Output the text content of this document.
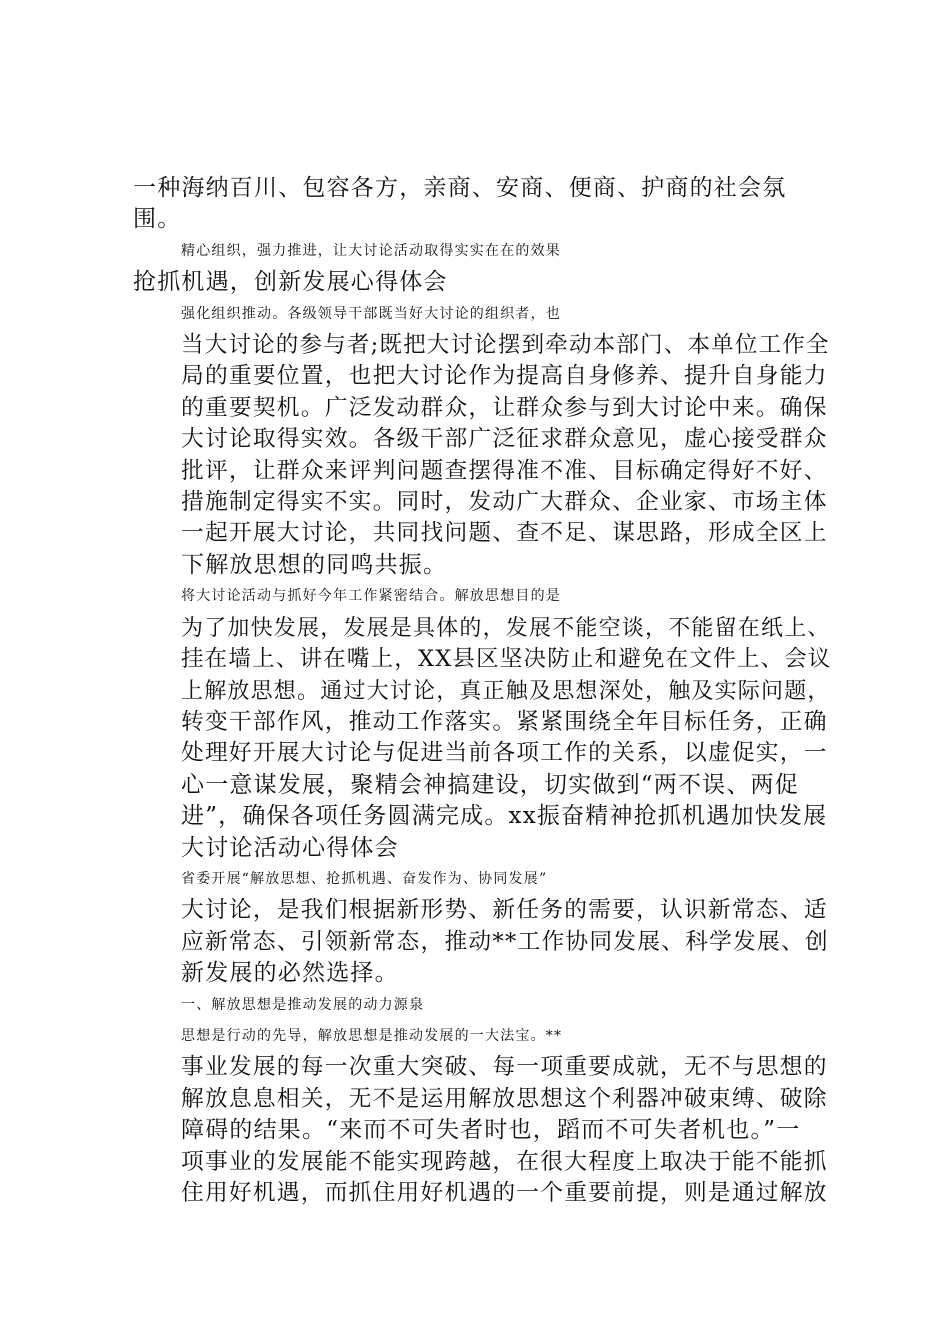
一种海纳百川、包容各方，亲商、安商、便商、护商的社会氛
围。

精心组织，强力推进，让大讨论活动取得实实在在的效果

抢抓机遇，创新发展心得体会

强化组织推动。各级领导干部既当好大讨论的组织者，也
当大讨论的参与者;既把大讨论摆到牵动本部门、本单位工作全
局的重要位置，也把大讨论作为提高自身修养、提升自身能力
的重要契机。广泛发动群众，让群众参与到大讨论中来。确保
大讨论取得实效。各级干部广泛征求群众意见，虚心接受群众
批评，让群众来评判问题查摆得准不准、目标确定得好不好、
措施制定得实不实。同时，发动广大群众、企业家、市场主体
一起开展大讨论，共同找问题、查不足、谋思路，形成全区上
下解放思想的同鸣共振。

将大讨论活动与抓好今年工作紧密结合。解放思想目的是
为了加快发展，发展是具体的，发展不能空谈，不能留在纸上、
挂在墙上、讲在嘴上，XX县区坚决防止和避免在文件上、会议
上解放思想。通过大讨论，真正触及思想深处，触及实际问题，
转变干部作风，推动工作落实。紧紧围绕全年目标任务，正确
处理好开展大讨论与促进当前各项工作的关系，以虚促实，一
心一意谋发展，聚精会神搞建设，切实做到“两不误、两促
进”，确保各项任务圆满完成。xx振奋精神抢抓机遇加快发展
大讨论活动心得体会

省委开展“解放思想、抢抓机遇、奋发作为、协同发展”
大讨论，是我们根据新形势、新任务的需要，认识新常态、适
应新常态、引领新常态，推动**工作协同发展、科学发展、创
新发展的必然选择。

一、解放思想是推动发展的动力源泉

思想是行动的先导，解放思想是推动发展的一大法宝。**
事业发展的每一次重大突破、每一项重要成就，无不与思想的
解放息息相关，无不是运用解放思想这个利器冲破束缚、破除
障碍的结果。“来而不可失者时也，蹈而不可失者机也。”一
项事业的发展能不能实现跨越，在很大程度上取决于能不能抓
住用好机遇，而抓住用好机遇的一个重要前提，则是通过解放
